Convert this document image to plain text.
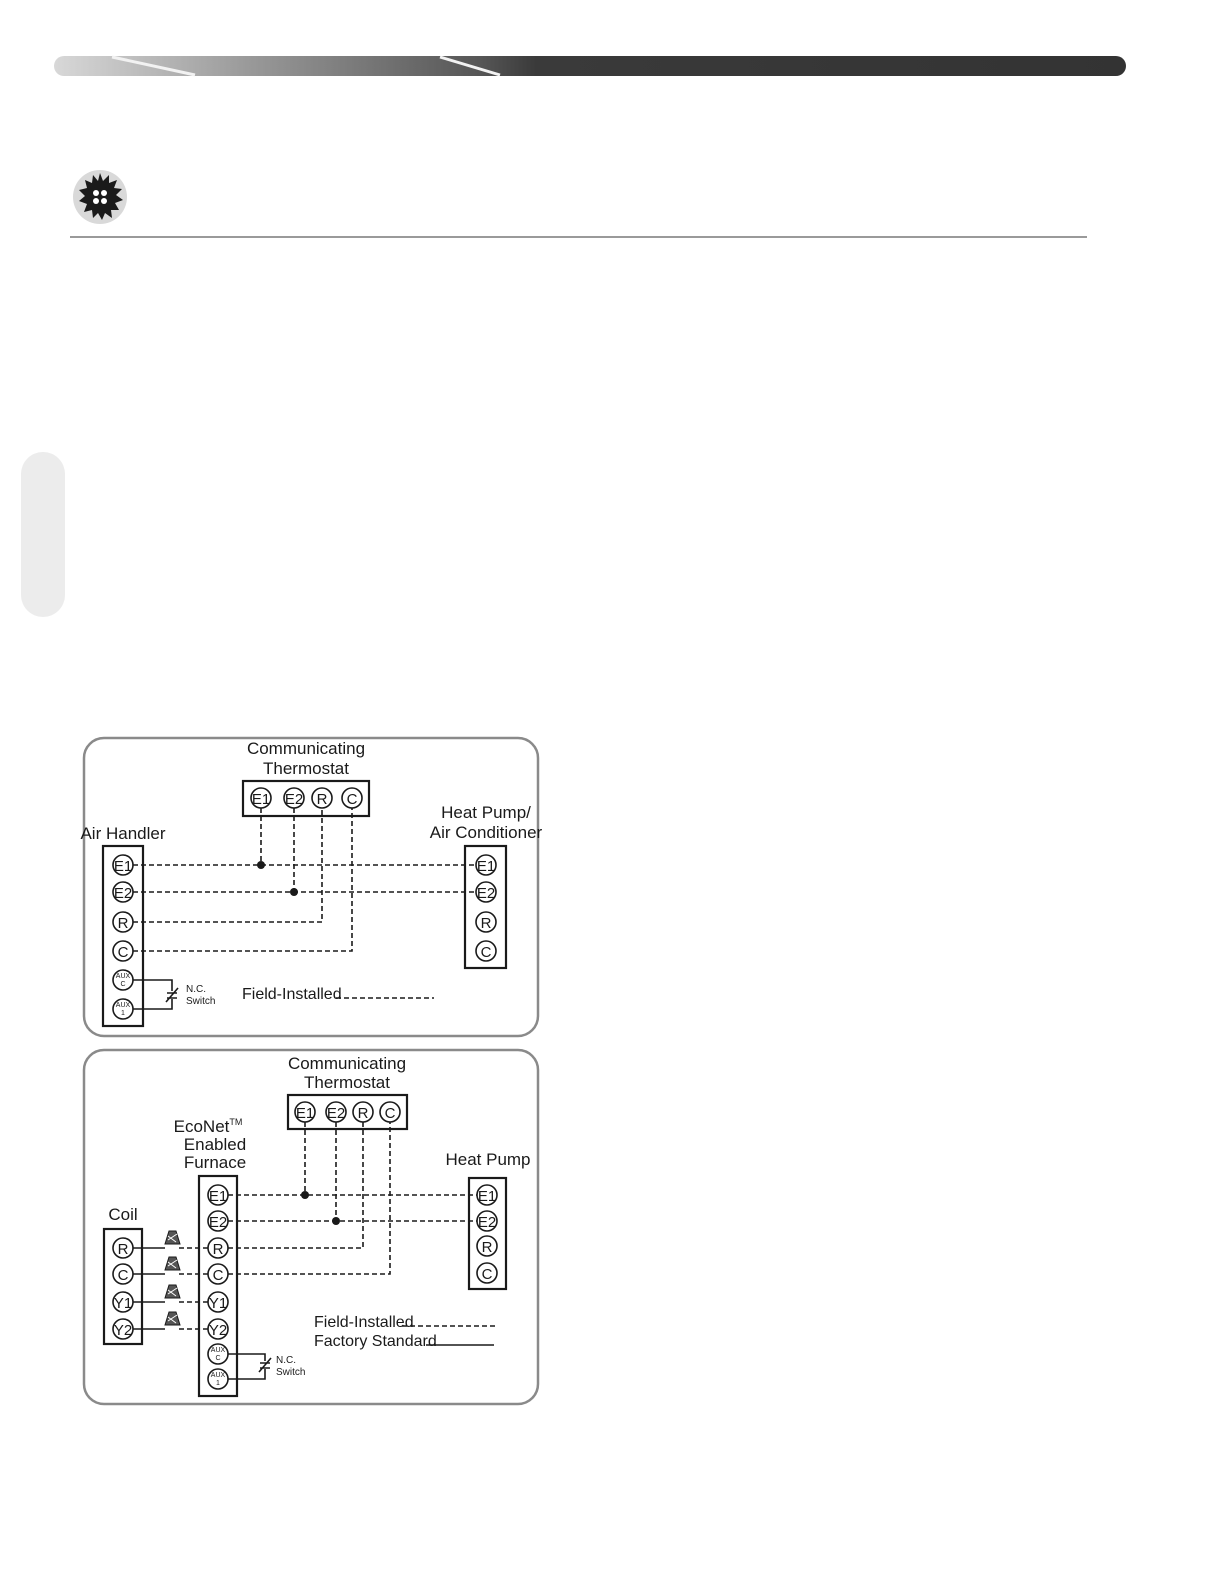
Communicating
Thermostat
E1 E2 R C
Air Handler
E1
E2
R
C
AUX
C
AUX
1
N.C.
Switch
Heat Pump/
Air Conditioner
E1
E2
R
C
Field-Installed
Communicating
Thermostat
E1 E2 R C
EcoNet™
Enabled
Furnace
E1
E2
R
C
Y1
Y2
AUX
C
AUX
1
N.C.
Switch
Coil
R
C
Y1
Y2
Heat Pump
E1
E2
R
C
Field-Installed
Factory Standard
